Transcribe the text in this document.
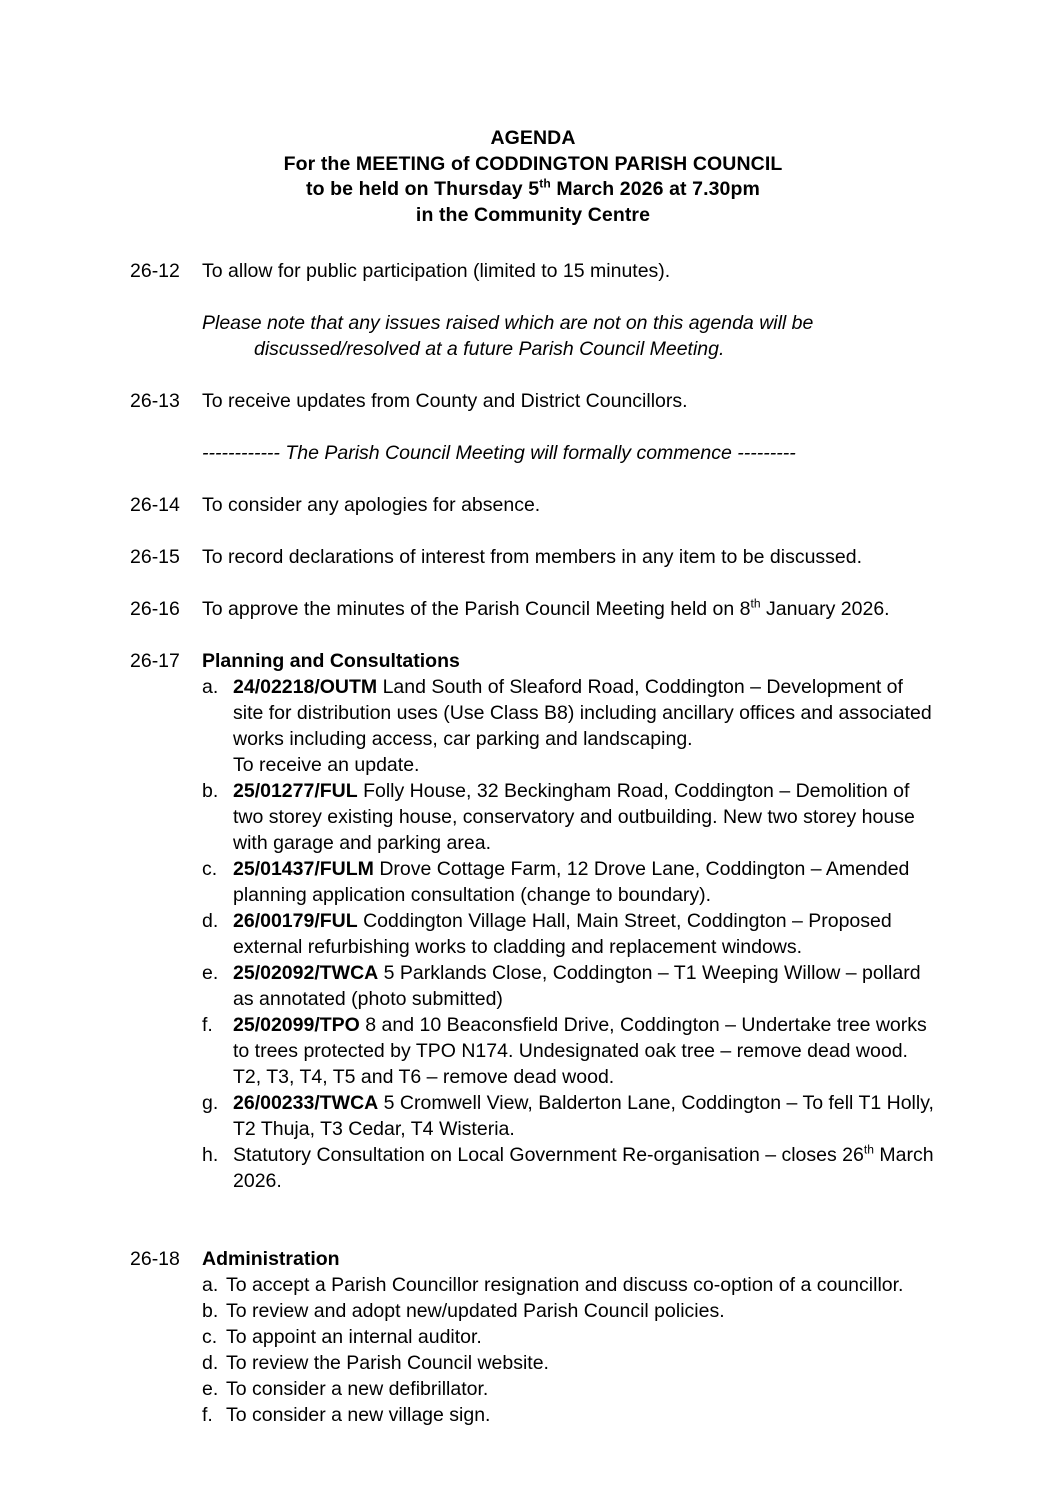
AGENDA
For the MEETING of CODDINGTON PARISH COUNCIL
to be held on Thursday 5th March 2026 at 7.30pm
in the Community Centre
26-12	To allow for public participation (limited to 15 minutes).
Please note that any issues raised which are not on this agenda will be
discussed/resolved at a future Parish Council Meeting.
26-13	To receive updates from County and District Councillors.
------------ The Parish Council Meeting will formally commence ---------
26-14	To consider any apologies for absence.
26-15	To record declarations of interest from members in any item to be discussed.
26-16	To approve the minutes of the Parish Council Meeting held on 8th January 2026.
26-17	Planning and Consultations
a. 24/02218/OUTM Land South of Sleaford Road, Coddington – Development of site for distribution uses (Use Class B8) including ancillary offices and associated works including access, car parking and landscaping.
To receive an update.
b. 25/01277/FUL Folly House, 32 Beckingham Road, Coddington – Demolition of two storey existing house, conservatory and outbuilding. New two storey house with garage and parking area.
c. 25/01437/FULM Drove Cottage Farm, 12 Drove Lane, Coddington – Amended planning application consultation (change to boundary).
d. 26/00179/FUL Coddington Village Hall, Main Street, Coddington – Proposed external refurbishing works to cladding and replacement windows.
e. 25/02092/TWCA 5 Parklands Close, Coddington – T1 Weeping Willow – pollard as annotated (photo submitted)
f.	25/02099/TPO 8 and 10 Beaconsfield Drive, Coddington – Undertake tree works to trees protected by TPO N174. Undesignated oak tree – remove dead wood. T2, T3, T4, T5 and T6 – remove dead wood.
g. 26/00233/TWCA 5 Cromwell View, Balderton Lane, Coddington – To fell T1 Holly, T2 Thuja, T3 Cedar, T4 Wisteria.
h. Statutory Consultation on Local Government Re-organisation – closes 26th March 2026.
26-18	Administration
a. To accept a Parish Councillor resignation and discuss co-option of a councillor.
b. To review and adopt new/updated Parish Council policies.
c. To appoint an internal auditor.
d. To review the Parish Council website.
e. To consider a new defibrillator.
f. To consider a new village sign.
